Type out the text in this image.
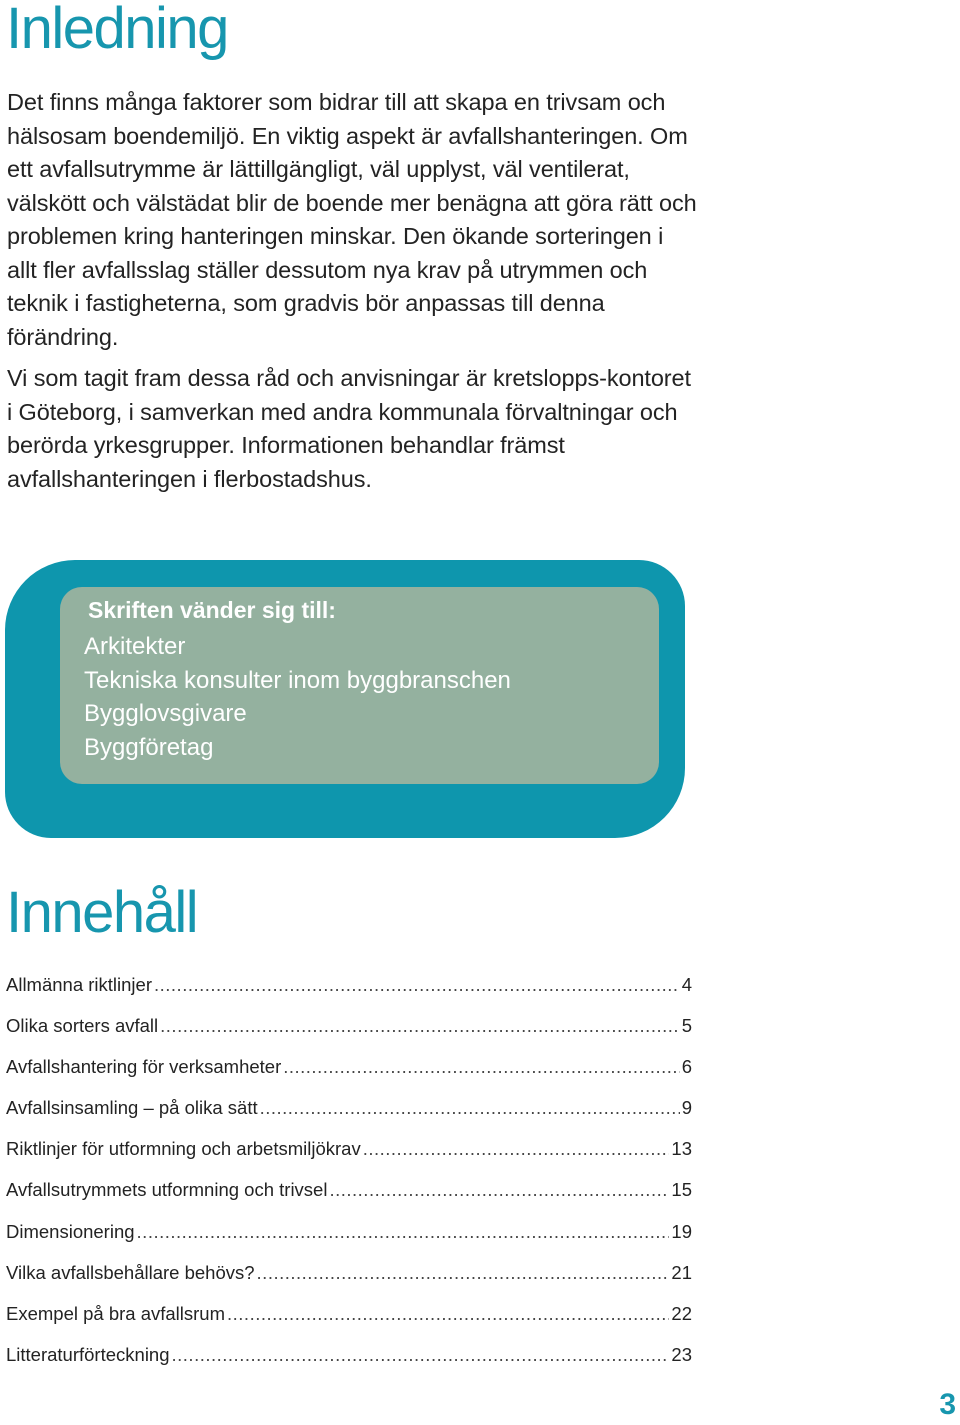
Inledning

Det finns många faktorer som bidrar till att skapa en trivsam och hälsosam boendemiljö. En viktig aspekt är avfallshanteringen. Om ett avfallsutrymme är lättillgängligt, väl upplyst, väl ventilerat, välskött och välstädat blir de boende mer benägna att göra rätt och problemen kring hanteringen minskar. Den ökande sorteringen i allt fler avfallsslag ställer dessutom nya krav på utrymmen och teknik i fastigheterna, som gradvis bör anpassas till denna förändring.

Vi som tagit fram dessa råd och anvisningar är kretslopps-kontoret i Göteborg, i samverkan med andra kommunala förvaltningar och berörda yrkesgrupper. Informationen behandlar främst avfallshanteringen i flerbostadshus.

Skriften vänder sig till:

Arkitekter
Tekniska konsulter inom byggbranschen
Bygglovsgivare
Byggföretag
Innehåll
Allmänna riktlinjer .....	4
Olika sorters avfall .....	5
Avfallshantering för verksamheter .....	6
Avfallsinsamling – på olika sätt .....	9
Riktlinjer för utformning och arbetsmiljökrav .....	13
Avfallsutrymmets utformning och trivsel .....	15
Dimensionering .....	19
Vilka avfallsbehållare behövs? .....	21
Exempel på bra avfallsrum .....	22
Litteraturförteckning .....	23
3
